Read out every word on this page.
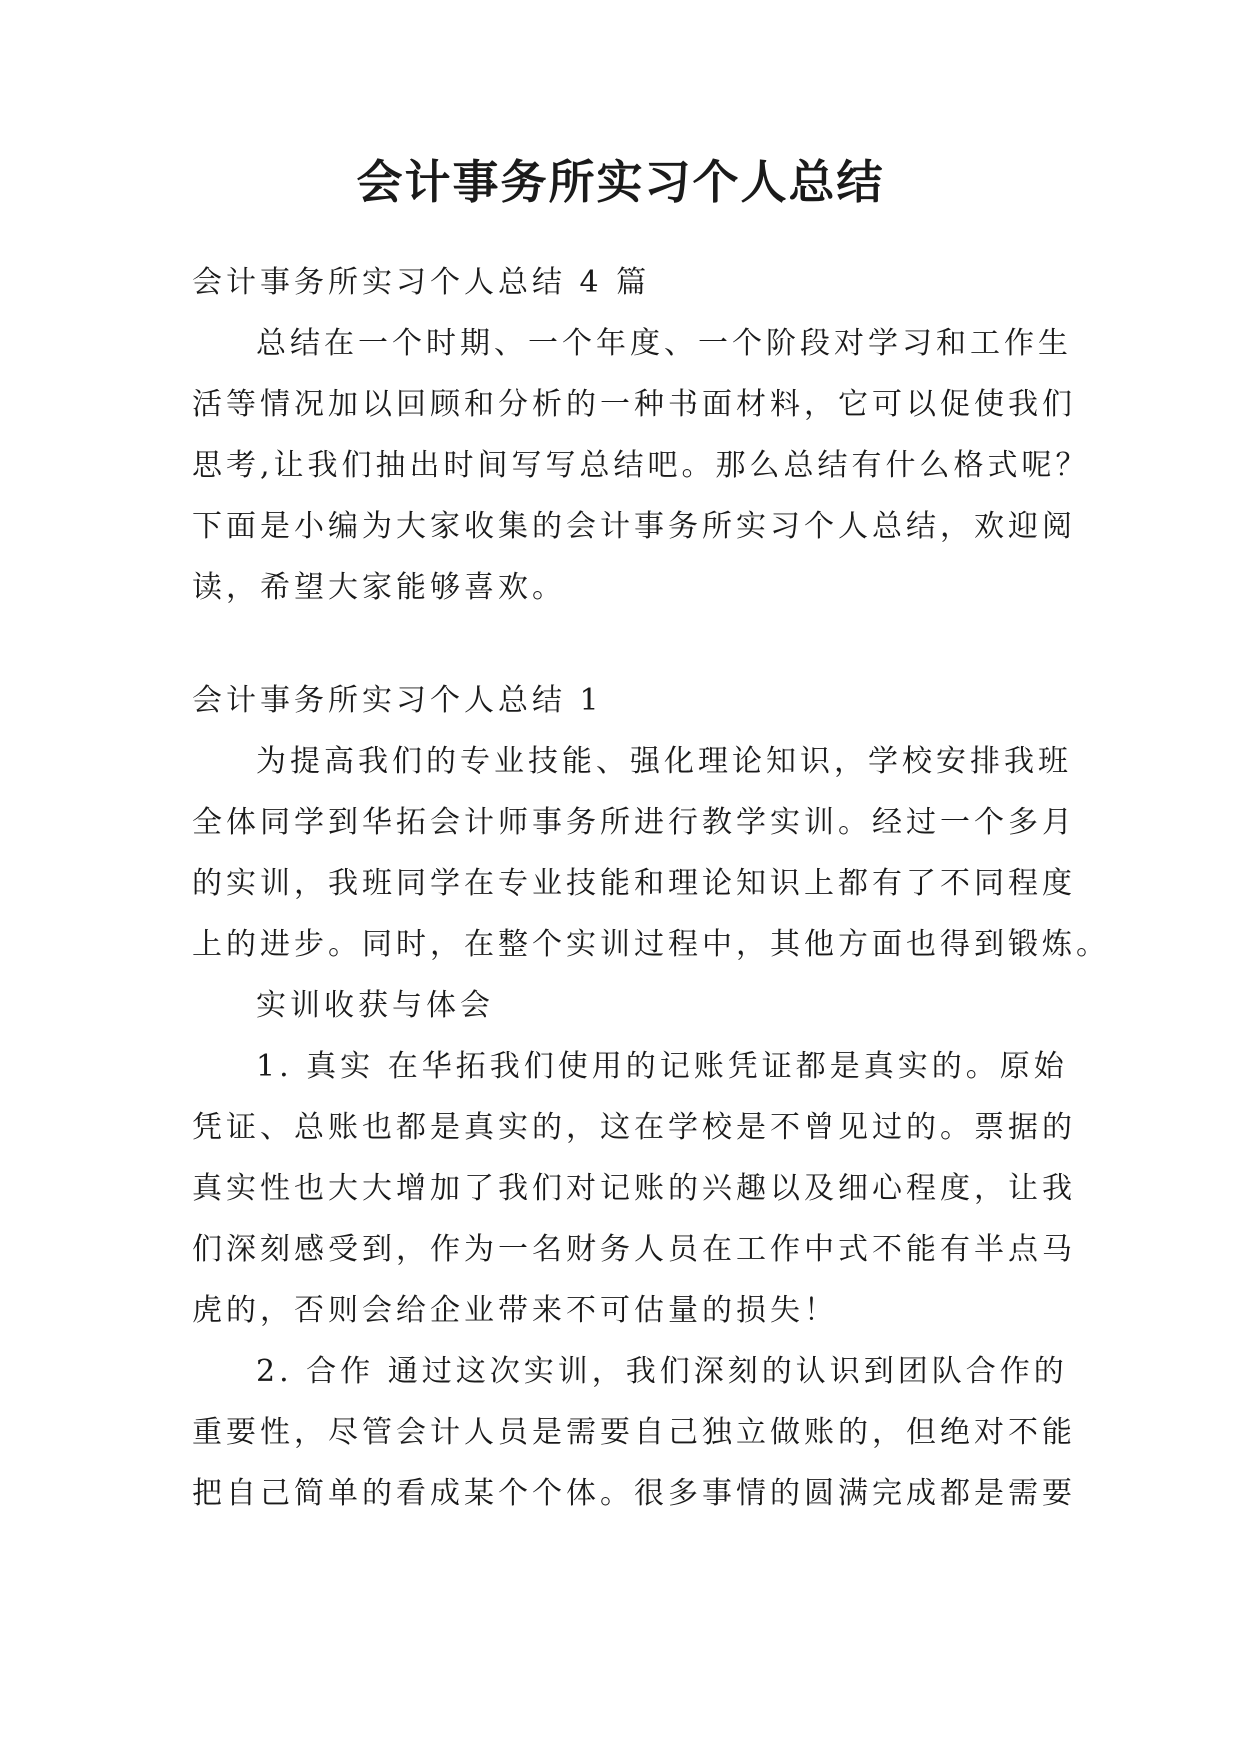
会计事务所实习个人总结
会计事务所实习个人总结 4 篇
总结在一个时期、一个年度、一个阶段对学习和工作生
活等情况加以回顾和分析的一种书面材料，它可以促使我们
思考,让我们抽出时间写写总结吧。那么总结有什么格式呢？
下面是小编为大家收集的会计事务所实习个人总结，欢迎阅
读，希望大家能够喜欢。
会计事务所实习个人总结 1
为提高我们的专业技能、强化理论知识，学校安排我班
全体同学到华拓会计师事务所进行教学实训。经过一个多月
的实训，我班同学在专业技能和理论知识上都有了不同程度
上的进步。同时，在整个实训过程中，其他方面也得到锻炼。
实训收获与体会
1. 真实 在华拓我们使用的记账凭证都是真实的。原始
凭证、总账也都是真实的，这在学校是不曾见过的。票据的
真实性也大大增加了我们对记账的兴趣以及细心程度，让我
们深刻感受到，作为一名财务人员在工作中式不能有半点马
虎的，否则会给企业带来不可估量的损失！
2. 合作 通过这次实训，我们深刻的认识到团队合作的
重要性，尽管会计人员是需要自己独立做账的，但绝对不能
把自己简单的看成某个个体。很多事情的圆满完成都是需要
